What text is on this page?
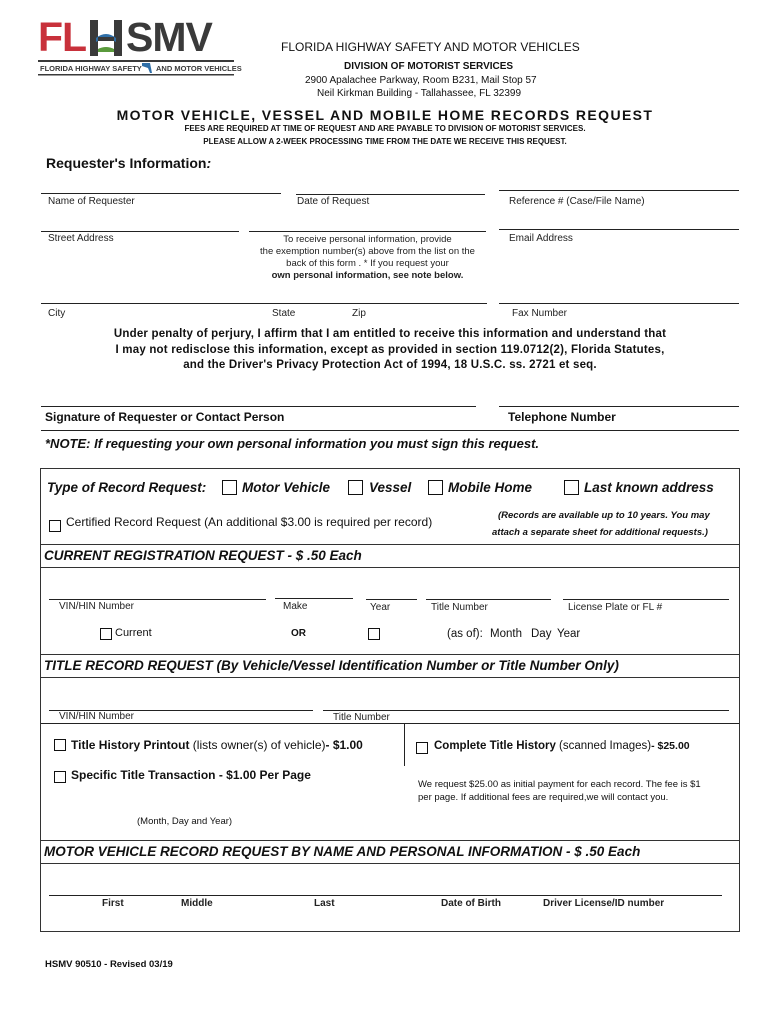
FL SMV
FLORIDA HIGHWAY SAFETY AND MOTOR VEHICLES
FLORIDA HIGHWAY SAFETY AND MOTOR VEHICLES
DIVISION OF MOTORIST SERVICES
2900 Apalachee Parkway, Room B231, Mail Stop 57
Neil Kirkman Building - Tallahassee, FL 32399
MOTOR VEHICLE, VESSEL AND MOBILE HOME RECORDS REQUEST
FEES ARE REQUIRED AT TIME OF REQUEST AND ARE PAYABLE TO DIVISION OF MOTORIST SERVICES.
PLEASE ALLOW A 2-WEEK PROCESSING TIME FROM THE DATE WE RECEIVE THIS REQUEST.
Requester's Information:
Name of Requester	Date of Request	Reference # (Case/File Name)
Street Address	To receive personal information, provide
the exemption number(s) above from the list on the
back of this form . * If you request your
own personal information, see note below.
Email Address
City	State	Zip	Fax Number
Under penalty of perjury, I affirm that I am entitled to receive this information and understand that
I may not redisclose this information, except as provided in section 119.0712(2), Florida Statutes,
and the Driver's Privacy Protection Act of 1994, 18 U.S.C. ss. 2721 et seq.
Signature of Requester or Contact Person	Telephone Number
*NOTE: If requesting your own personal information you must sign this request.
Type of Record Request:	Motor Vehicle	Vessel	Mobile Home	Last known address
Certified Record Request (An additional $3.00 is required per record)	(Records are available up to 10 years. You may
attach a separate sheet for additional requests.)
CURRENT REGISTRATION REQUEST - $ .50 Each
VIN/HIN Number	Make	Year	Title Number	License Plate or FL #
Current	OR	(as of): Month Day Year
TITLE RECORD REQUEST (By Vehicle/Vessel Identification Number or Title Number Only)
VIN/HIN Number	Title Number
Title History Printout (lists owner(s) of vehicle)- $1.00	Complete Title History (scanned Images)- $25.00
Specific Title Transaction - $1.00 Per Page
We request $25.00 as initial payment for each record. The fee is $1
per page. If additional fees are required,we will contact you.
(Month, Day and Year)
MOTOR VEHICLE RECORD REQUEST BY NAME AND PERSONAL INFORMATION - $ .50 Each
First	Middle	Last	Date of Birth	Driver License/ID number
HSMV 90510 - Revised 03/19
